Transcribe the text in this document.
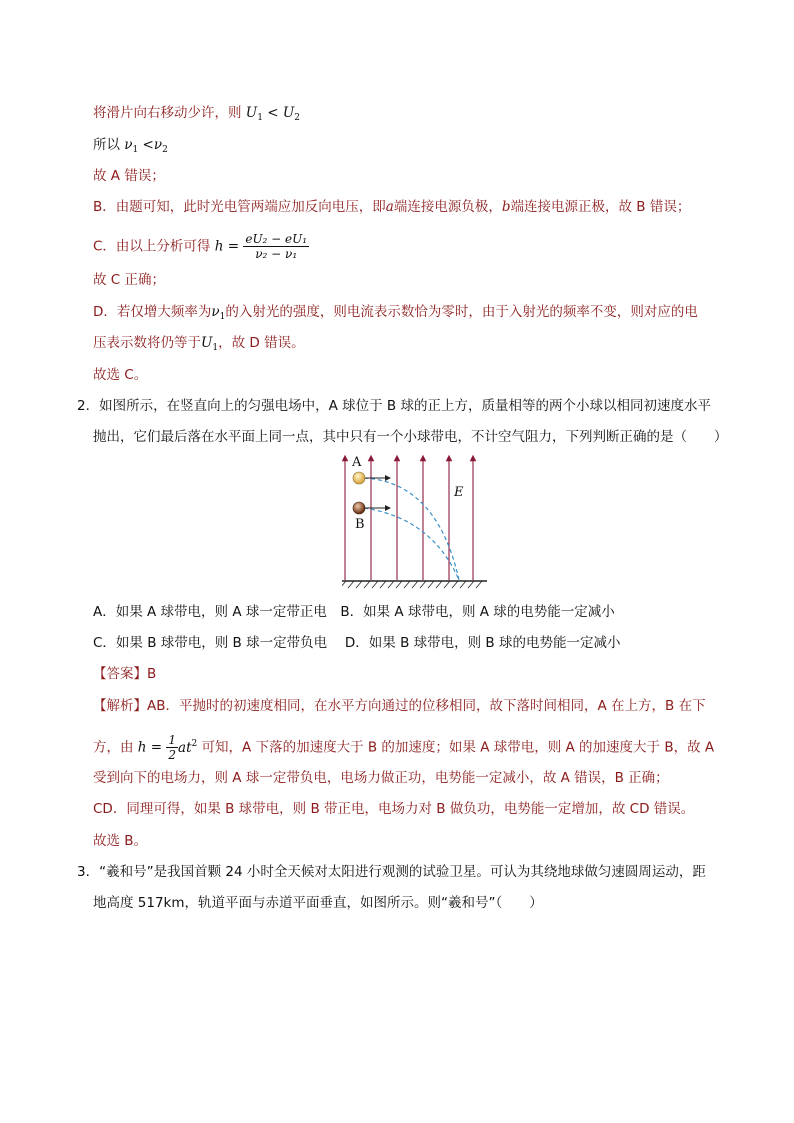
将滑片向右移动少许，则 $U_1 < U_2$
所以 $\nu_1 <\nu_2$
故 A 错误；
B．由题可知，此时光电管两端应加反向电压，即a端连接电源负极，b端连接电源正极，故 B 错误；
C．由以上分析可得 $h = \frac{\text{eU₂ − eU₁}}{\text{ν₂ − ν₁}}$
故 C 正确；
D．若仅增大频率为$\nu_1$的入射光的强度，则电流表示数恰为零时，由于入射光的频率不变，则对应的电
压表示数将仍等于$U_1$，故 D 错误。
故选 C。
2．如图所示，在竖直向上的匀强电场中，A 球位于 B 球的正上方，质量相等的两个小球以相同初速度水平
抛出，它们最后落在水平面上同一点，其中只有一个小球带电，不计空气阻力，下列判断正确的是（　　）
A
B
E
A．如果 A 球带电，则 A 球一定带正电　B．如果 A 球带电，则 A 球的电势能一定减小
C．如果 B 球带电，则 B 球一定带负电　 D．如果 B 球带电，则 B 球的电势能一定减小
【答案】B
【解析】AB．平抛时的初速度相同，在水平方向通过的位移相同，故下落时间相同，A 在上方，B 在下
方，由 $h = \frac{1}{2} at^2$ 可知，A 下落的加速度大于 B 的加速度；如果 A 球带电，则 A 的加速度大于 B，故 A
受到向下的电场力，则 A 球一定带负电，电场力做正功，电势能一定减小，故 A 错误，B 正确；
CD．同理可得，如果 B 球带电，则 B 带正电，电场力对 B 做负功，电势能一定增加，故 CD 错误。
故选 B。
3．“羲和号”是我国首颗 24 小时全天候对太阳进行观测的试验卫星。可认为其绕地球做匀速圆周运动，距
地高度 517km，轨道平面与赤道平面垂直，如图所示。则“羲和号”（　　）
